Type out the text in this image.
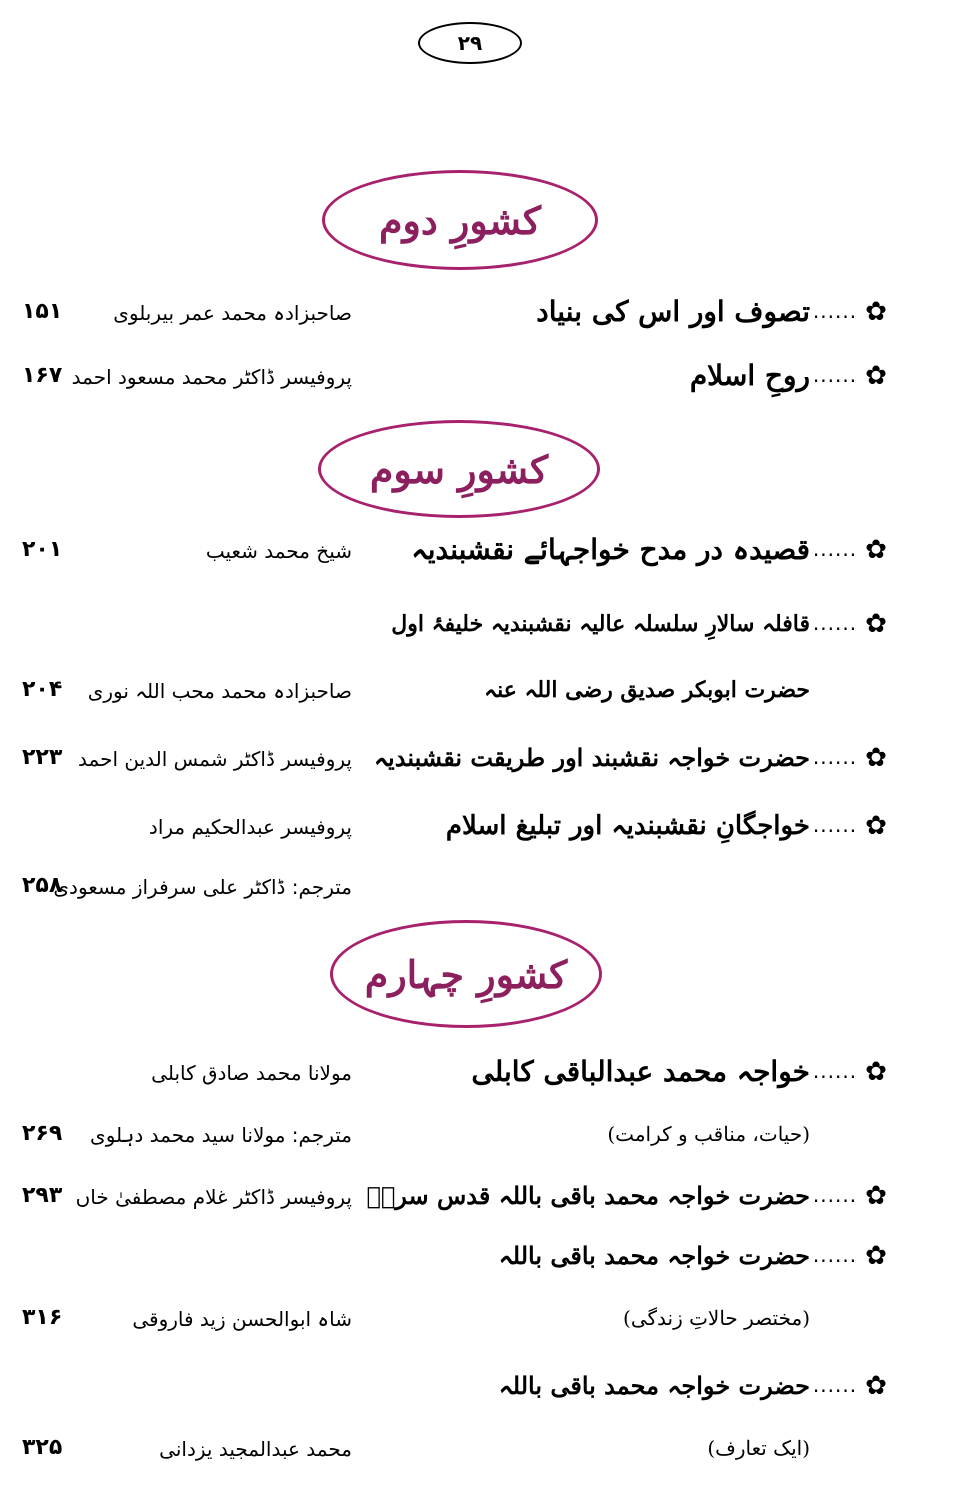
۲۹
کشورِ دوم
✿
......
تصوف اور اس کی بنیاد
صاحبزادہ محمد عمر بیربلوی
۱۵۱
✿
......
روحِ اسلام
پروفیسر ڈاکٹر محمد مسعود احمد
۱۶۷
کشورِ سوم
✿
......
قصیدہ در مدح خواجہائے نقشبندیہ
شیخ محمد شعیب
۲۰۱
✿
......
قافلہ سالارِ سلسلہ عالیہ نقشبندیہ خلیفۂ اول
حضرت ابوبکر صدیق رضی اللہ عنہ
صاحبزادہ محمد محب اللہ نوری
۲۰۴
✿
......
حضرت خواجہ نقشبند اور طریقت نقشبندیہ
پروفیسر ڈاکٹر شمس الدین احمد
۲۲۳
✿
......
خواجگانِ نقشبندیہ اور تبلیغ اسلام
پروفیسر عبدالحکیم مراد
مترجم: ڈاکٹر علی سرفراز مسعودی
۲۵۸
کشورِ چہارم
✿
......
خواجہ محمد عبدالباقی کابلی
مولانا محمد صادق کابلی
(حیات، مناقب و کرامت)
مترجم: مولانا سید محمد دہلوی
۲۶۹
✿
......
حضرت خواجہ محمد باقی باللہ قدس سرہٗ
پروفیسر ڈاکٹر غلام مصطفیٰ خاں
۲۹۳
✿
......
حضرت خواجہ محمد باقی باللہ
(مختصر حالاتِ زندگی)
شاہ ابوالحسن زید فاروقی
۳۱۶
✿
......
حضرت خواجہ محمد باقی باللہ
(ایک تعارف)
محمد عبدالمجید یزدانی
۳۲۵
